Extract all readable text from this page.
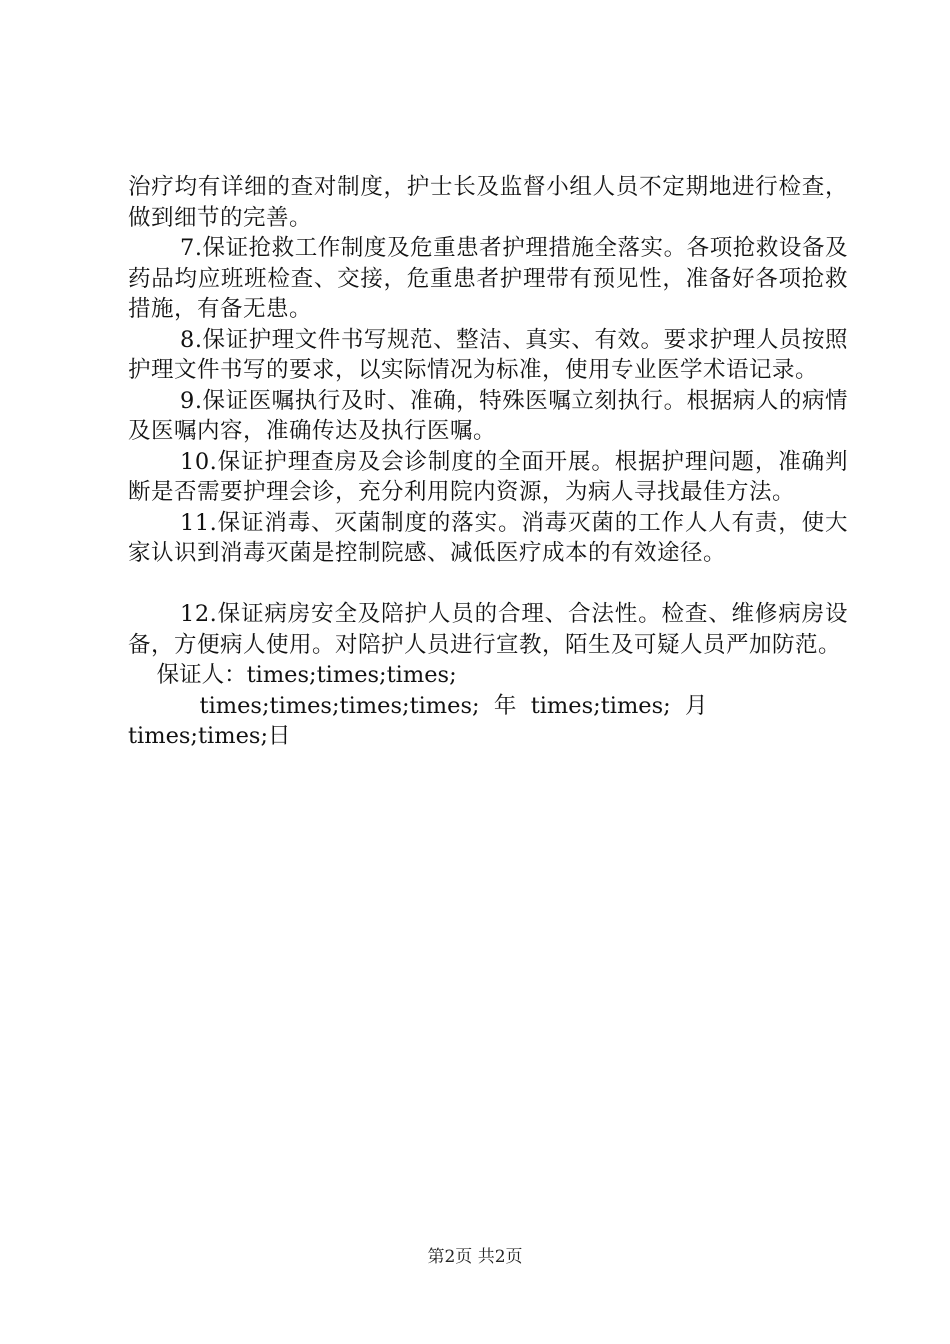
治疗均有详细的查对制度，护士长及监督小组人员不定期地进行检查，做到细节的完善。

7.保证抢救工作制度及危重患者护理措施全落实。各项抢救设备及药品均应班班检查、交接，危重患者护理带有预见性，准备好各项抢救措施，有备无患。

8.保证护理文件书写规范、整洁、真实、有效。要求护理人员按照护理文件书写的要求，以实际情况为标准，使用专业医学术语记录。

9.保证医嘱执行及时、准确，特殊医嘱立刻执行。根据病人的病情及医嘱内容，准确传达及执行医嘱。

10.保证护理查房及会诊制度的全面开展。根据护理问题，准确判断是否需要护理会诊，充分利用院内资源，为病人寻找最佳方法。

11.保证消毒、灭菌制度的落实。消毒灭菌的工作人人有责，使大家认识到消毒灭菌是控制院感、减低医疗成本的有效途径。

12.保证病房安全及陪护人员的合理、合法性。检查、维修病房设备，方便病人使用。对陪护人员进行宣教，陌生及可疑人员严加防范。

保证人：times;times;times;

times;times;times;times;  年  times;times;  月

times;times;日

第2页 共2页
